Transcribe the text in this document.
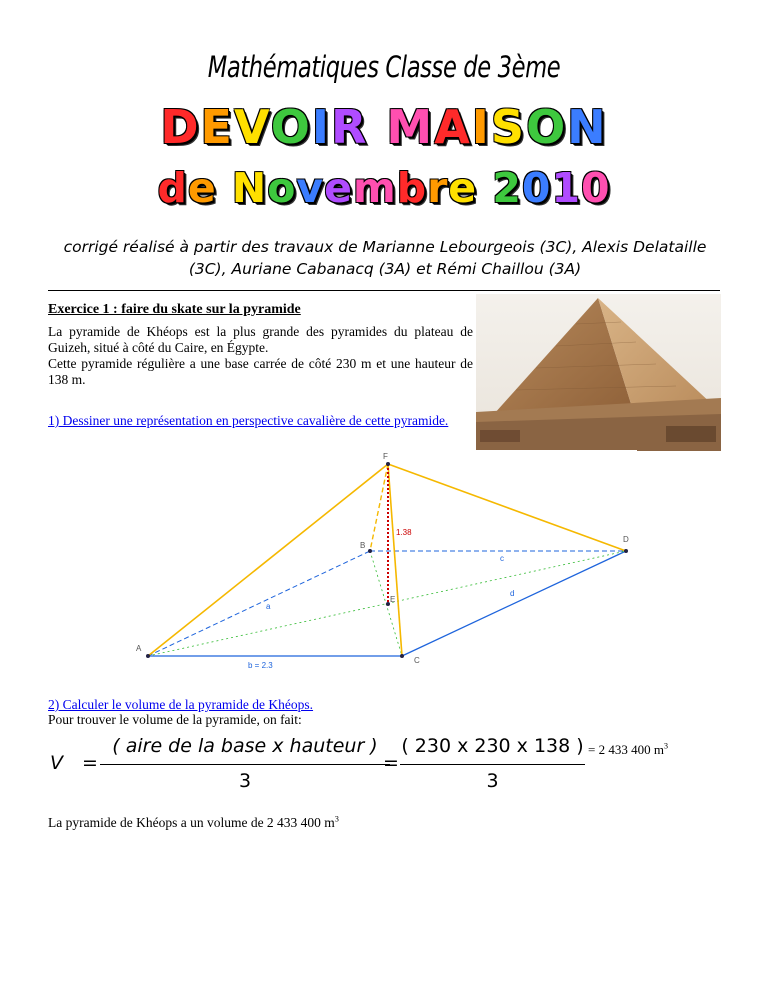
Mathématiques Classe de 3ème
DEVOIR MAISON
de Novembre 2010
corrigé réalisé à partir des travaux de Marianne Lebourgeois (3C), Alexis Delataille (3C), Auriane Cabanacq (3A) et Rémi Chaillou (3A)
Exercice 1 : faire du skate sur la pyramide

La pyramide de Khéops est la plus grande des pyramides du plateau de Guizeh, situé à côté du Caire, en Égypte.

Cette pyramide régulière a une base carrée de côté 230 m et une hauteur de 138 m.

1) Dessiner une représentation en perspective cavalière de cette pyramide.
F
A
B
C
D
E
a
c
d
b = 2.3
1.38
2) Calculer le volume de la pyramide de Khéops.
Pour trouver le volume de la pyramide, on fait:
V =
( aire de la base x hauteur )
3
=
( 230 x 230 x 138 )
3
= 2 433 400 $m^3$
La pyramide de Khéops a un volume de 2 433 400 $m^3$
